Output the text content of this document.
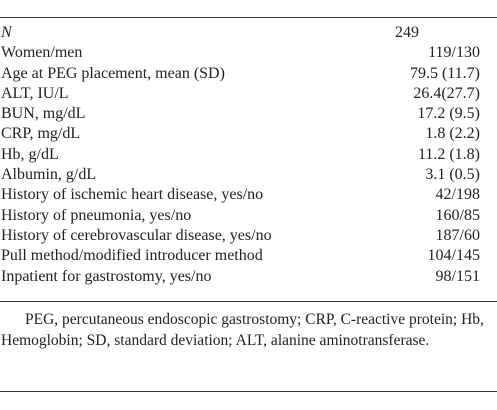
N	249
Women/men	119/130
Age at PEG placement, mean (SD)	79.5 (11.7)
ALT, IU/L	26.4(27.7)
BUN, mg/dL	17.2 (9.5)
CRP, mg/dL	1.8 (2.2)
Hb, g/dL	11.2 (1.8)
Albumin, g/dL	3.1 (0.5)
History of ischemic heart disease, yes/no	42/198
History of pneumonia, yes/no	160/85
History of cerebrovascular disease, yes/no	187/60
Pull method/modified introducer method	104/145
Inpatient for gastrostomy, yes/no	98/151
PEG, percutaneous endoscopic gastrostomy; CRP, C-reactive protein; Hb, Hemoglobin; SD, standard deviation; ALT, alanine aminotransferase.
